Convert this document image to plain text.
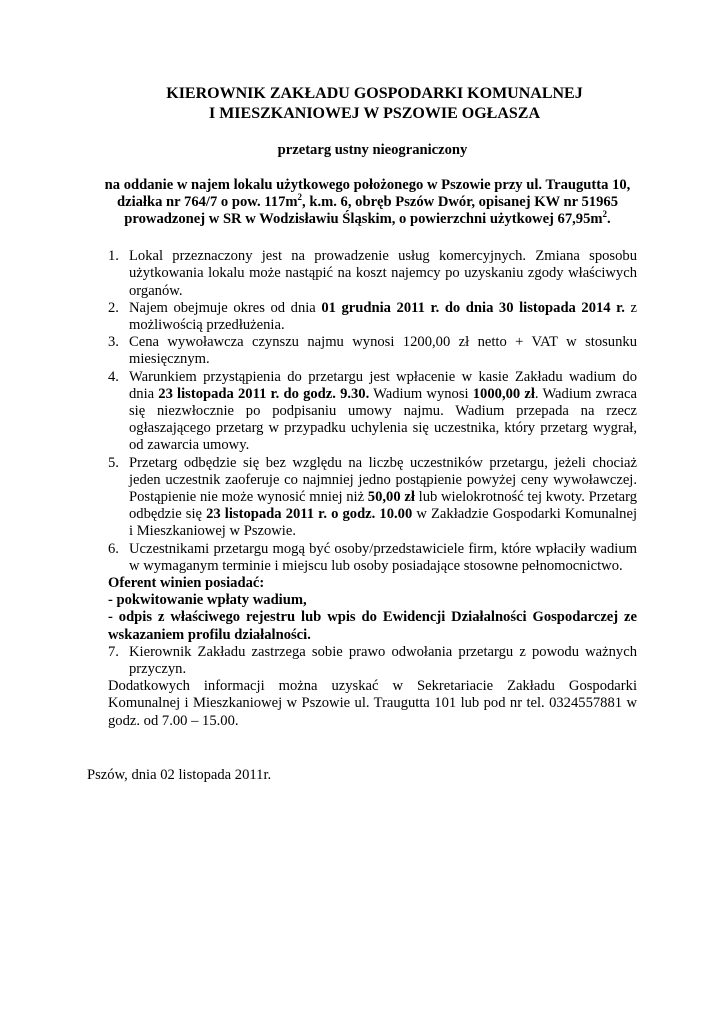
KIEROWNIK ZAKŁADU GOSPODARKI KOMUNALNEJ
I MIESZKANIOWEJ W PSZOWIE OGŁASZA

przetarg ustny nieograniczony

na oddanie w najem lokalu użytkowego położonego w Pszowie przy ul. Traugutta 10, działka nr 764/7 o pow. $117m^2$, k.m. 6, obręb Pszów Dwór, opisanej KW nr 51965 prowadzonej w SR w Wodzisławiu Śląskim, o powierzchni użytkowej $67,95m^2$.

1. Lokal przeznaczony jest na prowadzenie usług komercyjnych. Zmiana sposobu użytkowania lokalu może nastąpić na koszt najemcy po uzyskaniu zgody właściwych organów.
2. Najem obejmuje okres od dnia 01 grudnia 2011 r. do dnia 30 listopada 2014 r. z możliwością przedłużenia.
3. Cena wywoławcza czynszu najmu wynosi 1200,00 zł netto + VAT w stosunku miesięcznym.
4. Warunkiem przystąpienia do przetargu jest wpłacenie w kasie Zakładu wadium do dnia 23 listopada 2011 r. do godz. 9.30. Wadium wynosi 1000,00 zł. Wadium zwraca się niezwłocznie po podpisaniu umowy najmu. Wadium przepada na rzecz ogłaszającego przetarg w przypadku uchylenia się uczestnika, który przetarg wygrał, od zawarcia umowy.
5. Przetarg odbędzie się bez względu na liczbę uczestników przetargu, jeżeli chociaż jeden uczestnik zaoferuje co najmniej jedno postąpienie powyżej ceny wywoławczej. Postąpienie nie może wynosić mniej niż 50,00 zł lub wielokrotność tej kwoty. Przetarg odbędzie się 23 listopada 2011 r. o godz. 10.00 w Zakładzie Gospodarki Komunalnej i Mieszkaniowej w Pszowie.
6. Uczestnikami przetargu mogą być osoby/przedstawiciele firm, które wpłaciły wadium w wymaganym terminie i miejscu lub osoby posiadające stosowne pełnomocnictwo.
Oferent winien posiadać:
- pokwitowanie wpłaty wadium,
- odpis z właściwego rejestru lub wpis do Ewidencji Działalności Gospodarczej ze wskazaniem profilu działalności.
7. Kierownik Zakładu zastrzega sobie prawo odwołania przetargu z powodu ważnych przyczyn.
Dodatkowych informacji można uzyskać w Sekretariacie Zakładu Gospodarki Komunalnej i Mieszkaniowej w Pszowie ul. Traugutta 101 lub pod nr tel. 0324557881 w godz. od 7.00 – 15.00.
Pszów, dnia 02 listopada 2011r.
